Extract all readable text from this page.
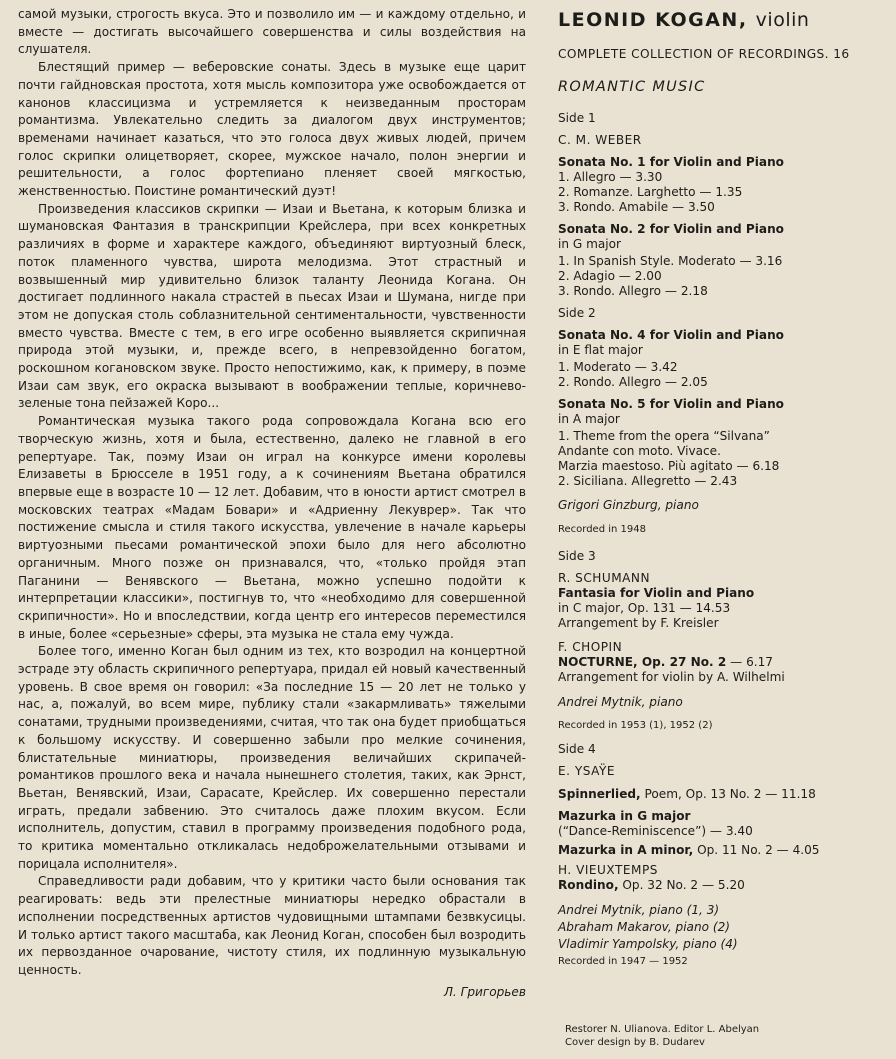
самой музыки, строгость вкуса. Это и позволило им — и каждому отдельно, и вместе — достигать высочайшего совершенства и силы воздействия на слушателя.

Блестящий пример — веберовские сонаты. Здесь в музыке еще царит почти гайдновская простота, хотя мысль композитора уже освобождается от канонов классицизма и устремляется к неизведанным просторам романтизма. Увлекательно следить за диалогом двух инструментов; временами начинает казаться, что это голоса двух живых людей, причем голос скрипки олицетворяет, скорее, мужское начало, полон энергии и решительности, а голос фортепиано пленяет своей мягкостью, женственностью. Поистине романтический дуэт!

Произведения классиков скрипки — Изаи и Вьетана, к которым близка и шумановская Фантазия в транскрипции Крейслера, при всех конкретных различиях в форме и характере каждого, объединяют виртуозный блеск, поток пламенного чувства, широта мелодизма. Этот страстный и возвышенный мир удивительно близок таланту Леонида Когана. Он достигает подлинного накала страстей в пьесах Изаи и Шумана, нигде при этом не допуская столь соблазнительной сентиментальности, чувственности вместо чувства. Вместе с тем, в его игре особенно выявляется скрипичная природа этой музыки, и, прежде всего, в непревзойденно богатом, роскошном когановском звуке. Просто непостижимо, как, к примеру, в поэме Изаи сам звук, его окраска вызывают в воображении теплые, коричнево-зеленые тона пейзажей Коро...

Романтическая музыка такого рода сопровождала Когана всю его творческую жизнь, хотя и была, естественно, далеко не главной в его репертуаре. Так, поэму Изаи он играл на конкурсе имени королевы Елизаветы в Брюсселе в 1951 году, а к сочинениям Вьетана обратился впервые еще в возрасте 10 — 12 лет. Добавим, что в юности артист смотрел в московских театрах «Мадам Бовари» и «Адриенну Лекуврер». Так что постижение смысла и стиля такого искусства, увлечение в начале карьеры виртуозными пьесами романтической эпохи было для него абсолютно органичным. Много позже он признавался, что, «только пройдя этап Паганини — Венявского — Вьетана, можно успешно подойти к интерпретации классики», постигнув то, что «необходимо для совершенной скрипичности». Но и впоследствии, когда центр его интересов переместился в иные, более «серьезные» сферы, эта музыка не стала ему чужда.

Более того, именно Коган был одним из тех, кто возродил на концертной эстраде эту область скрипичного репертуара, придал ей новый качественный уровень. В свое время он говорил: «За последние 15 — 20 лет не только у нас, а, пожалуй, во всем мире, публику стали «закармливать» тяжелыми сонатами, трудными произведениями, считая, что так она будет приобщаться к большому искусству. И совершенно забыли про мелкие сочинения, блистательные миниатюры, произведения величайших скрипачей-романтиков прошлого века и начала нынешнего столетия, таких, как Эрнст, Вьетан, Венявский, Изаи, Сарасате, Крейслер. Их совершенно перестали играть, предали забвению. Это считалось даже плохим вкусом. Если исполнитель, допустим, ставил в программу произведения подобного рода, то критика моментально откликалась недоброжелательными отзывами и порицала исполнителя».

Справедливости ради добавим, что у критики часто были основания так реагировать: ведь эти прелестные миниатюры нередко обрастали в исполнении посредственных артистов чудовищными штампами безвкусицы. И только артист такого масштаба, как Леонид Коган, способен был возродить их первозданное очарование, чистоту стиля, их подлинную музыкальную ценность.

Л. Григорьев

LEONID KOGAN, violin
COMPLETE COLLECTION OF RECORDINGS. 16
ROMANTIC MUSIC
Side 1
C. M. WEBER
Sonata No. 1 for Violin and Piano
1. Allegro — 3.30
2. Romanze. Larghetto — 1.35
3. Rondo. Amabile — 3.50
Sonata No. 2 for Violin and Piano
in G major
1. In Spanish Style. Moderato — 3.16
2. Adagio — 2.00
3. Rondo. Allegro — 2.18
Side 2
Sonata No. 4 for Violin and Piano
in E flat major
1. Moderato — 3.42
2. Rondo. Allegro — 2.05
Sonata No. 5 for Violin and Piano
in A major
1. Theme from the opera “Silvana”
Andante con moto. Vivace.
Marzia maestoso. Più agitato — 6.18
2. Siciliana. Allegretto — 2.43
Grigori Ginzburg, piano
Recorded in 1948
Side 3
R. SCHUMANN
Fantasia for Violin and Piano
in C major, Op. 131 — 14.53
Arrangement by F. Kreisler
F. CHOPIN
NOCTURNE, Op. 27 No. 2 — 6.17
Arrangement for violin by A. Wilhelmi
Andrei Mytnik, piano
Recorded in 1953 (1), 1952 (2)
Side 4
E. YSAŸE
Spinnerlied, Poem, Op. 13 No. 2 — 11.18
Mazurka in G major
(“Dance-Reminiscence”) — 3.40
Mazurka in A minor, Op. 11 No. 2 — 4.05
H. VIEUXTEMPS
Rondino, Op. 32 No. 2 — 5.20
Andrei Mytnik, piano (1, 3)
Abraham Makarov, piano (2)
Vladimir Yampolsky, piano (4)
Recorded in 1947 — 1952
Restorer N. Ulianova. Editor L. Abelyan
Cover design by B. Dudarev
